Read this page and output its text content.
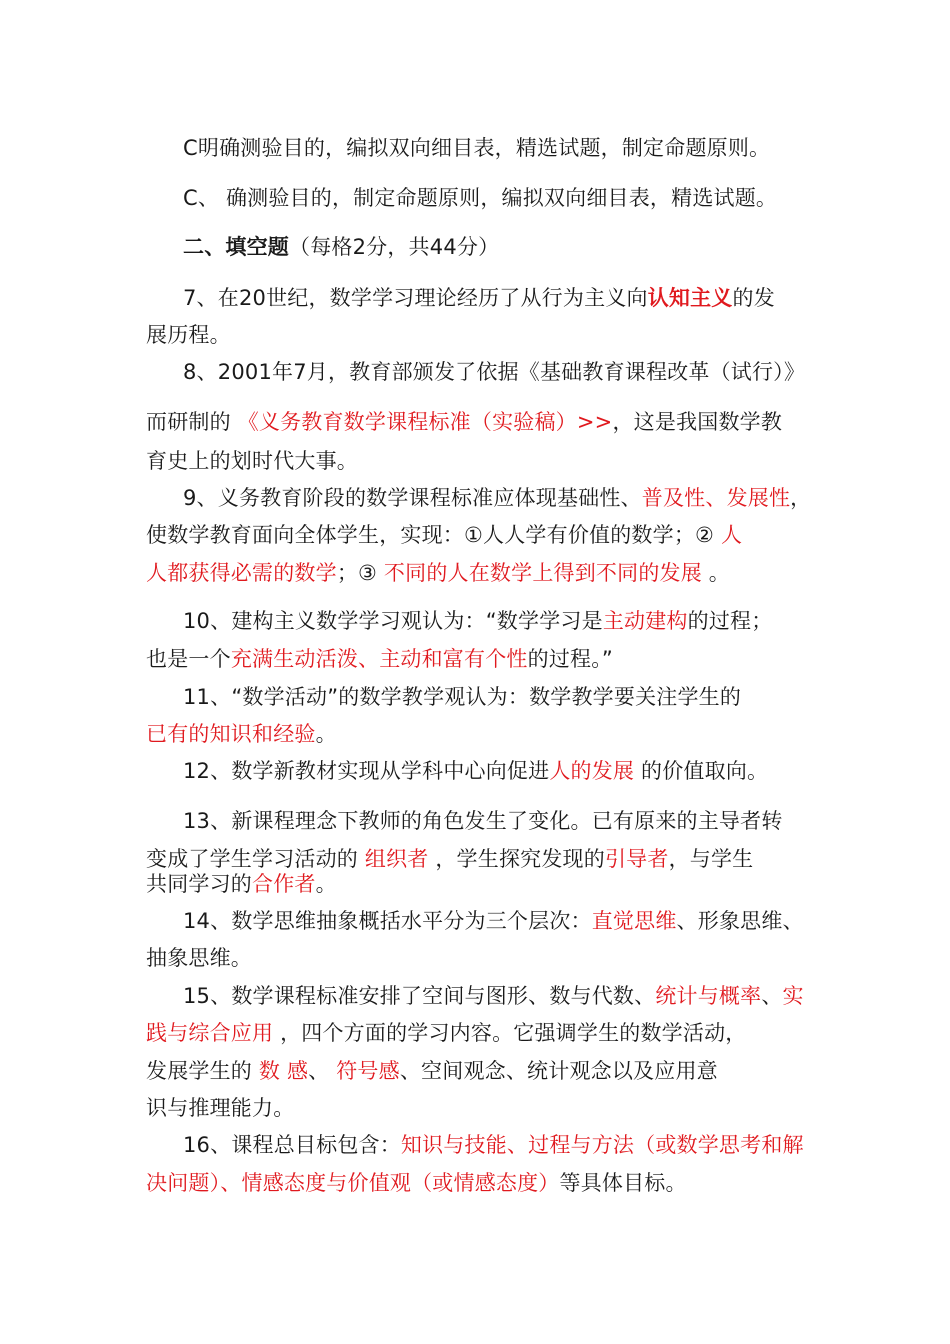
C明确测验目的，编拟双向细目表，精选试题，制定命题原则。
C、 确测验目的，制定命题原则，编拟双向细目表，精选试题。
二、填空题（每格2分，共44分）
7、在20世纪，数学学习理论经历了从行为主义向认知主义的发
展历程。
8、2001年7月，教育部颁发了依据《基础教育课程改革（试行）》
而研制的 《义务教育数学课程标准（实验稿）>>，这是我国数学教
育史上的划时代大事。
9、义务教育阶段的数学课程标准应体现基础性、普及性、发展性，
使数学教育面向全体学生，实现：①人人学有价值的数学；② 人
人都获得必需的数学；③ 不同的人在数学上得到不同的发展 。
10、建构主义数学学习观认为：“数学学习是主动建构的过程；
也是一个充满生动活泼、主动和富有个性的过程。”
11、“数学活动”的数学教学观认为：数学教学要关注学生的
已有的知识和经验。
12、数学新教材实现从学科中心向促进人的发展 的价值取向。
13、新课程理念下教师的角色发生了变化。已有原来的主导者转
变成了学生学习活动的 组织者 ，学生探究发现的引导者，与学生
共同学习的合作者。
14、数学思维抽象概括水平分为三个层次：直觉思维、形象思维、
抽象思维。
15、数学课程标准安排了空间与图形、数与代数、统计与概率、实
践与综合应用 ，四个方面的学习内容。它强调学生的数学活动，
发展学生的 数 感、 符号感、空间观念、统计观念以及应用意
识与推理能力。
16、课程总目标包含：知识与技能、过程与方法（或数学思考和解
决问题）、情感态度与价值观（或情感态度）等具体目标。
